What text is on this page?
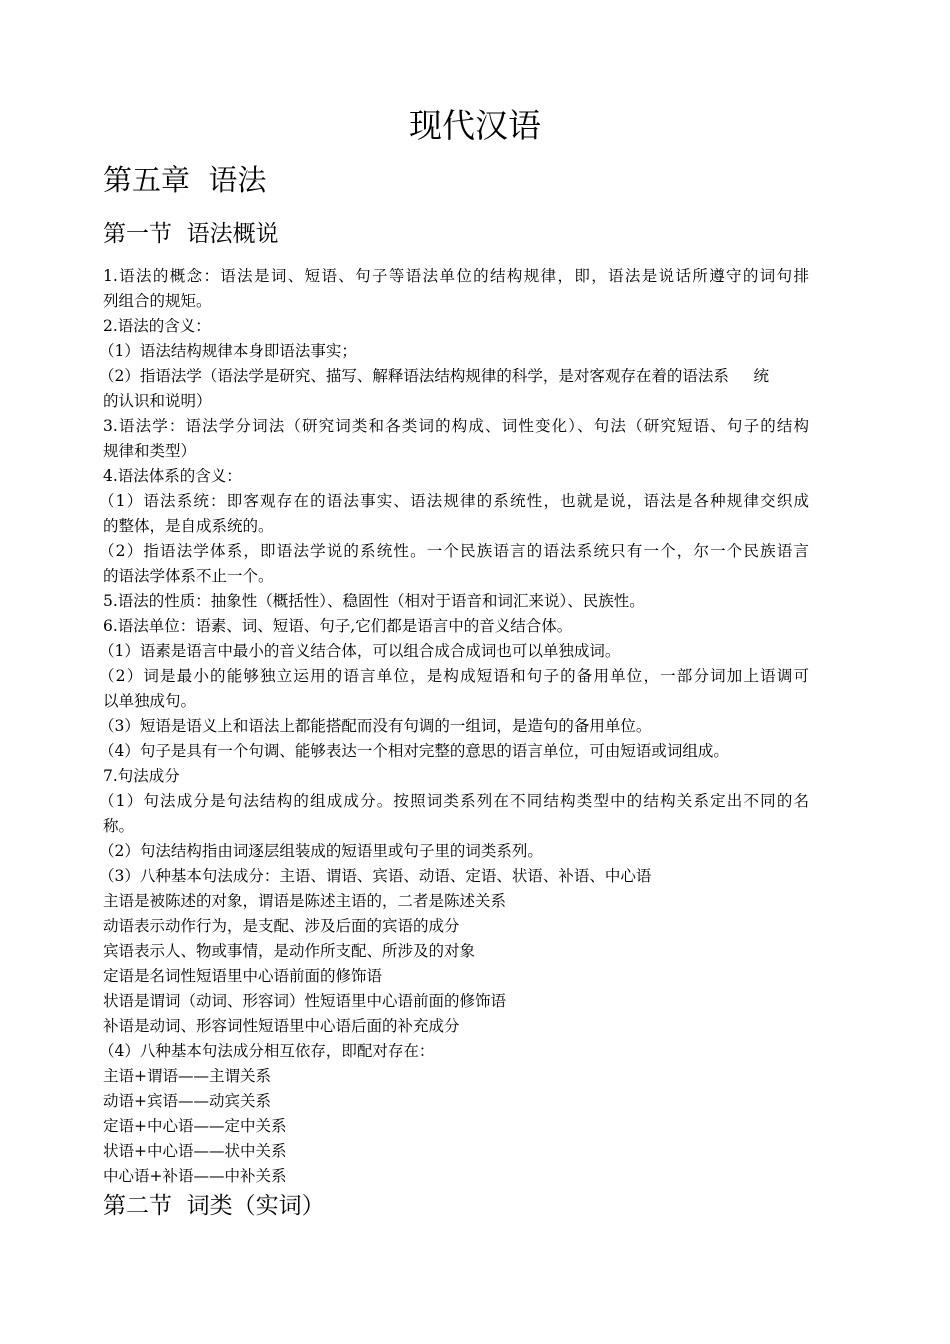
现代汉语
第五章  语法
第一节  语法概说

1.语法的概念：语法是词、短语、句子等语法单位的结构规律，即，语法是说话所遵守的词句排

列组合的规矩。

2.语法的含义：

（1）语法结构规律本身即语法事实；

（2）指语法学（语法学是研究、描写、解释语法结构规律的科学，是对客观存在着的语法系     统

的认识和说明）

3.语法学：语法学分词法（研究词类和各类词的构成、词性变化）、句法（研究短语、句子的结构

规律和类型）

4.语法体系的含义：

（1）语法系统：即客观存在的语法事实、语法规律的系统性，也就是说，语法是各种规律交织成

的整体，是自成系统的。

（2）指语法学体系，即语法学说的系统性。一个民族语言的语法系统只有一个，尔一个民族语言

的语法学体系不止一个。

5.语法的性质：抽象性（概括性）、稳固性（相对于语音和词汇来说）、民族性。

6.语法单位：语素、词、短语、句子,它们都是语言中的音义结合体。

（1）语素是语言中最小的音义结合体，可以组合成合成词也可以单独成词。

（2）词是最小的能够独立运用的语言单位，是构成短语和句子的备用单位，一部分词加上语调可

以单独成句。

（3）短语是语义上和语法上都能搭配而没有句调的一组词，是造句的备用单位。

（4）句子是具有一个句调、能够表达一个相对完整的意思的语言单位，可由短语或词组成。

7.句法成分

（1）句法成分是句法结构的组成成分。按照词类系列在不同结构类型中的结构关系定出不同的名

称。

（2）句法结构指由词逐层组装成的短语里或句子里的词类系列。

（3）八种基本句法成分：主语、谓语、宾语、动语、定语、状语、补语、中心语

主语是被陈述的对象，谓语是陈述主语的，二者是陈述关系

动语表示动作行为，是支配、涉及后面的宾语的成分

宾语表示人、物或事情，是动作所支配、所涉及的对象

定语是名词性短语里中心语前面的修饰语

状语是谓词（动词、形容词）性短语里中心语前面的修饰语

补语是动词、形容词性短语里中心语后面的补充成分

（4）八种基本句法成分相互依存，即配对存在：

主语+谓语——主谓关系

动语+宾语——动宾关系

定语+中心语——定中关系

状语+中心语——状中关系

中心语+补语——中补关系

第二节  词类（实词）
